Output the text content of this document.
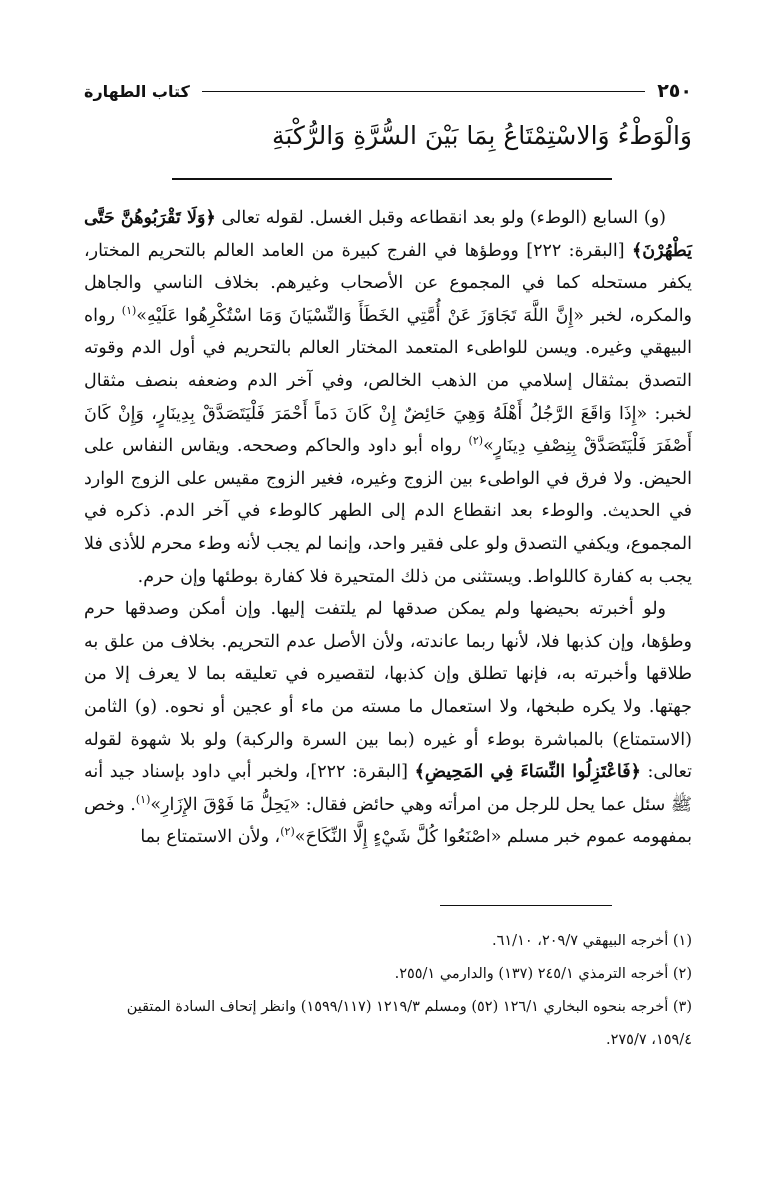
٢٥٠
كتاب الطهارة
وَالْوَطْءُ وَالاسْتِمْتَاعُ بِمَا بَيْنَ السُّرَّةِ وَالرُّكْبَةِ

(و) السابع (الوطء) ولو بعد انقطاعه وقبل الغسل. لقوله تعالى ﴿وَلَا تَقْرَبُوهُنَّ حَتَّى يَطْهُرْنَ﴾ [البقرة: ٢٢٢] ووطؤها في الفرج كبيرة من العامد العالم بالتحريم المختار، يكفر مستحله كما في المجموع عن الأصحاب وغيرهم. بخلاف الناسي والجاهل والمكره، لخبر «إِنَّ اللَّهَ تَجَاوَزَ عَنْ أُمَّتِي الخَطَأَ وَالنِّسْيَانَ وَمَا اسْتُكْرِهُوا عَلَيْهِ»$^{(١)}$ رواه البيهقي وغيره. ويسن للواطىء المتعمد المختار العالم بالتحريم في أول الدم وقوته التصدق بمثقال إسلامي من الذهب الخالص، وفي آخر الدم وضعفه بنصف مثقال لخبر: «إِذَا وَاقَعَ الرَّجُلُ أَهْلَهُ وَهِيَ حَائِضٌ إِنْ كَانَ دَماً أَحْمَرَ فَلْيَتَصَدَّقْ بِدِينَارٍ، وَإِنْ كَانَ أَصْفَرَ فَلْيَتَصَدَّقْ بِنِصْفِ دِينَارٍ»$^{(٢)}$ رواه أبو داود والحاكم وصححه. ويقاس النفاس على الحيض. ولا فرق في الواطىء بين الزوج وغيره، فغير الزوج مقيس على الزوج الوارد في الحديث. والوطء بعد انقطاع الدم إلى الطهر كالوطء في آخر الدم. ذكره في المجموع، ويكفي التصدق ولو على فقير واحد، وإنما لم يجب لأنه وطء محرم للأذى فلا يجب به كفارة كاللواط. ويستثنى من ذلك المتحيرة فلا كفارة بوطئها وإن حرم.

ولو أخبرته بحيضها ولم يمكن صدقها لم يلتفت إليها. وإن أمكن وصدقها حرم وطؤها، وإن كذبها فلا، لأنها ربما عاندته، ولأن الأصل عدم التحريم. بخلاف من علق به طلاقها وأخبرته به، فإنها تطلق وإن كذبها، لتقصيره في تعليقه بما لا يعرف إلا من جهتها. ولا يكره طبخها، ولا استعمال ما مسته من ماء أو عجين أو نحوه. (و) الثامن (الاستمتاع) بالمباشرة بوطء أو غيره (بما بين السرة والركبة) ولو بلا شهوة لقوله تعالى: ﴿فَاعْتَزِلُوا النِّسَاءَ فِي المَحِيضِ﴾ [البقرة: ٢٢٢]، ولخبر أبي داود بإسناد جيد أنه ﷺ سئل عما يحل للرجل من امرأته وهي حائض فقال: «يَحِلُّ مَا فَوْقَ الإِزَارِ»$^{(١)}$. وخص بمفهومه عموم خبر مسلم «اصْنَعُوا كُلَّ شَيْءٍ إِلَّا النِّكَاحَ»$^{(٢)}$، ولأن الاستمتاع بما

(١) أخرجه البيهقي ٢٠٩/٧، ٦١/١٠.
(٢) أخرجه الترمذي ٢٤٥/١ (١٣٧) والدارمي ٢٥٥/١.
(٣) أخرجه بنحوه البخاري ١٢٦/١ (٥٢) ومسلم ١٢١٩/٣ (١٥٩٩/١١٧) وانظر إتحاف السادة المتقين ١٥٩/٤، ٢٧٥/٧.
